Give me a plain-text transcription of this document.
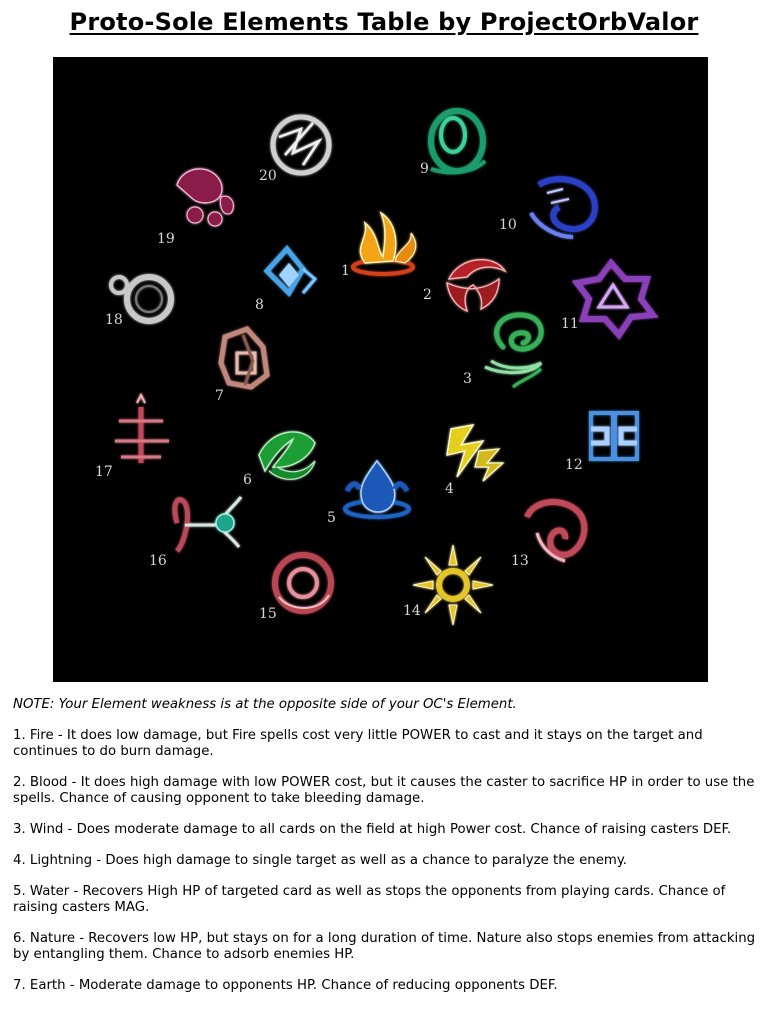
Proto-Sole Elements Table by ProjectOrbValor
1
2
3
4
5
6
7
8
9
10
11
12
13
14
15
16
17
18
19
20
NOTE: Your Element weakness is at the opposite side of your OC's Element.
1. Fire - It does low damage, but Fire spells cost very little POWER to cast and it stays on the target and continues to do burn damage.
2. Blood - It does high damage with low POWER cost, but it causes the caster to sacrifice HP in order to use the spells. Chance of causing opponent to take bleeding damage.
3. Wind - Does moderate damage to all cards on the field at high Power cost. Chance of raising casters DEF.
4. Lightning - Does high damage to single target as well as a chance to paralyze the enemy.
5. Water - Recovers High HP of targeted card as well as stops the opponents from playing cards. Chance of raising casters MAG.
6. Nature - Recovers low HP, but stays on for a long duration of time. Nature also stops enemies from attacking by entangling them. Chance to adsorb enemies HP.
7. Earth - Moderate damage to opponents HP. Chance of reducing opponents DEF.
